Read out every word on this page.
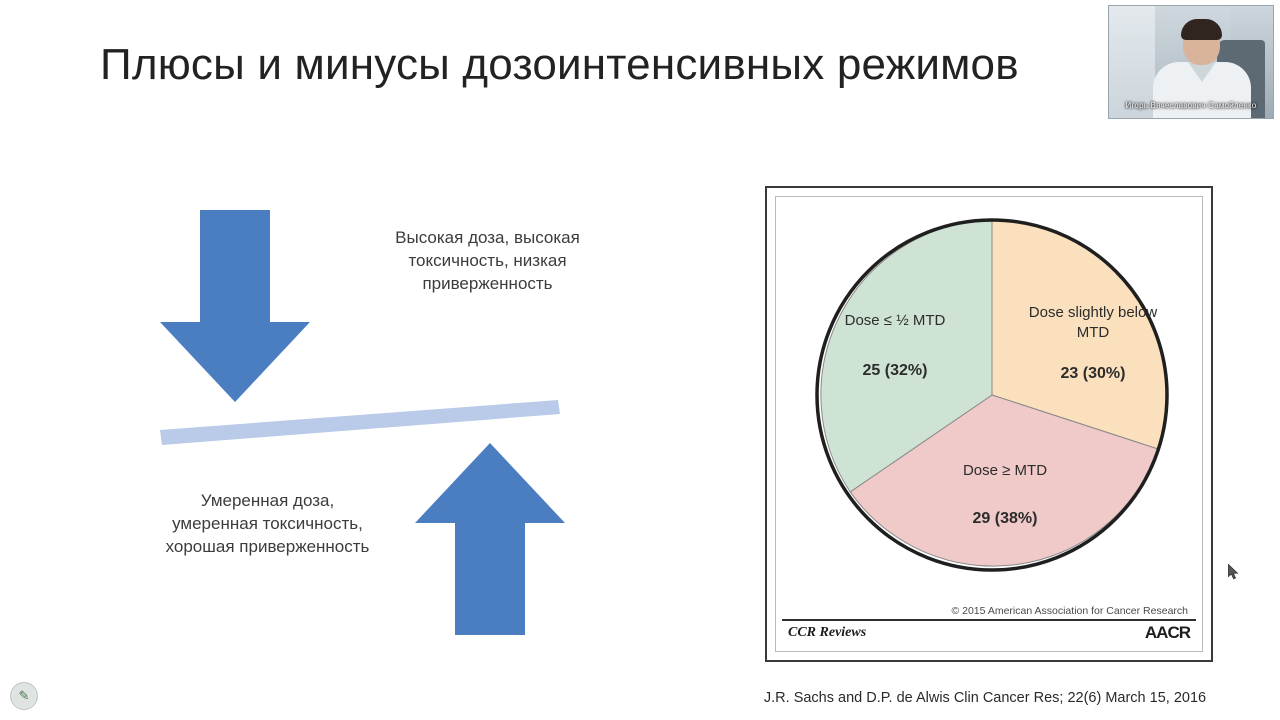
Плюсы и минусы дозоинтенсивных режимов
Высокая доза, высокая токсичность, низкая приверженность
Умеренная доза, умеренная токсичность, хорошая приверженность
Dose ≤ ½ MTD
25 (32%)
Dose slightly below MTD
23 (30%)
Dose ≥ MTD
29 (38%)
© 2015 American Association for Cancer Research
CCR Reviews	AACR
J.R. Sachs and D.P. de Alwis Clin Cancer Res; 22(6) March 15, 2016
Игорь Вячеславович Самойленко
✎
